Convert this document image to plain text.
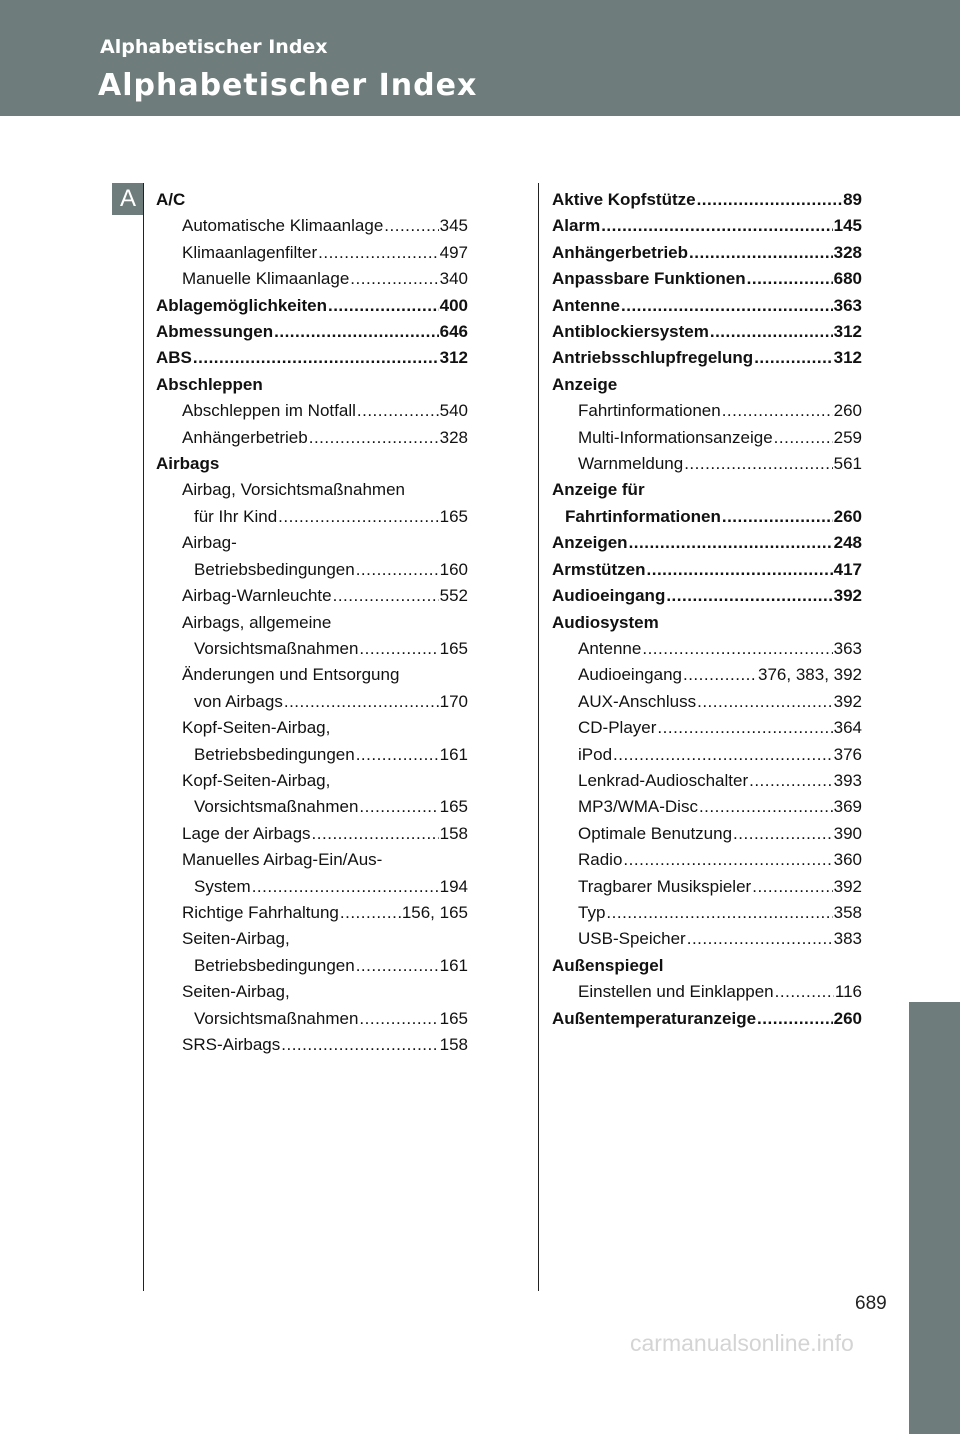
Alphabetischer Index
Alphabetischer Index
A	A/C
Automatische Klimaanlage .....	345
Klimaanlagenfilter .....	497
Manuelle Klimaanlage .....	340
Ablagemöglichkeiten .....	400
Abmessungen .....	646
ABS .....	312
Abschleppen
Abschleppen im Notfall .....	540
Anhängerbetrieb .....	328
Airbags
Airbag, Vorsichtsmaßnahmen
für Ihr Kind .....	165
Airbag-
Betriebsbedingungen .....	160
Airbag-Warnleuchte .....	552
Airbags, allgemeine
Vorsichtsmaßnahmen .....	165
Änderungen und Entsorgung
von Airbags .....	170
Kopf-Seiten-Airbag,
Betriebsbedingungen .....	161
Kopf-Seiten-Airbag,
Vorsichtsmaßnahmen .....	165
Lage der Airbags .....	158
Manuelles Airbag-Ein/Aus-
System .....	194
Richtige Fahrhaltung .....	156, 165
Seiten-Airbag,
Betriebsbedingungen .....	161
Seiten-Airbag,
Vorsichtsmaßnahmen .....	165
SRS-Airbags .....	158
Aktive Kopfstütze .....	89
Alarm .....	145
Anhängerbetrieb .....	328
Anpassbare Funktionen .....	680
Antenne .....	363
Antiblockiersystem .....	312
Antriebsschlupfregelung .....	312
Anzeige
Fahrtinformationen .....	260
Multi-Informationsanzeige .....	259
Warnmeldung .....	561
Anzeige für
Fahrtinformationen .....	260
Anzeigen .....	248
Armstützen .....	417
Audioeingang .....	392
Audiosystem
Antenne .....	363
Audioeingang .....	376, 383, 392
AUX-Anschluss .....	392
CD-Player .....	364
iPod .....	376
Lenkrad-Audioschalter .....	393
MP3/WMA-Disc .....	369
Optimale Benutzung .....	390
Radio .....	360
Tragbarer Musikspieler .....	392
Typ .....	358
USB-Speicher .....	383
Außenspiegel
Einstellen und Einklappen .....	116
Außentemperaturanzeige .....	260
689
carmanualsonline.info
